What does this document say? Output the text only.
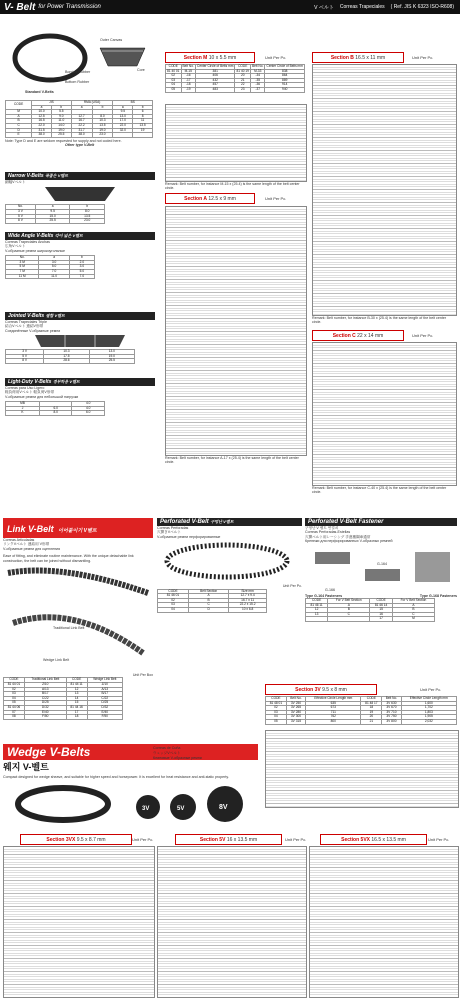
V- Belt for Power Transmission	V ベルト Correas Trapeciales ( Ref. JIS K 6323 ISO-R608)
Outer Canvas
Bonded Rubber
Bottom Rubber
Core
Standard V-Belts
CODE	JIS		RMA (USA)		BS	
	a	b	a	b	a	b
M	10.0	5.5			9.5	6
A	12.5	9.0	12.7	8.0	13.0	8
B	16.5	11.0	16.7	10.3	17.0	11
C	22.0	14.0	22.2	13.5	22.0	13.5
D	31.5	19.0	31.7	19.0	32.0	19
E	38.0	25.5	38.0	23.0		
Note: Type D and E are seldom requested for supply and not coded here.
Other type V-Belt
Narrow V-Belts 폭좁은 V벨트
細幅Vベルト
No.	a	b
3 V	9.5	8.0
5 V	15.0	13.5
8 V	25.5	23.0
Wide Angle V-Belts 각이 넓은 V벨트
Correas Trapeciales Anchas
広角Vベルト
V-образные ремни широкоугольные
No.	a	b
3 M	3.0	2.0
5 M	5.0	3.0
7 M	7.0	5.0
11 M	11.0	7.0
Jointed V-Belts 결합 V벨트
Correas Trapeciales Triple
結合Vベルト 連結V形帯
Соединённые V-образные ремни
3 V	10.3	13.0
5 V	17.5	19.0
8 V	28.6	25.5
Light-Duty V-Belts 경부하용 V벨트
Correas para Uso Ligero
軽負荷用Vベルト 軽負荷V形帯
V-образные ремни для небольшой нагрузки
MB		4.0
J	6.0	4.0
K	8.0	6.0
Section M
10 x 5.5 mm	Unit Per Pc.
CODE	Belt No.	Center Circle of Belts mm	CODE	Belt No.	Center Circle of Belts mm
81 40 01	M-15	381	81 40 19	M-33	838
02	-16	406	20	-34	864
03	-17	432	21	-35	889
04	-18	457	22	-36	914
05	-19	483	23	-37	940
Remark: Belt number, for instance M-15 x (25.4) is the same length of the belt center circle.
Section A
12.5 x 9 mm	Unit Per Pc.
Remark: Belt number, for instance A-17 x (25.4) is the same length of the belt center circle.
Section B
16.5 x 11 mm	Unit Per Pc.
Remark: Belt number, for instance B-30 x (25.4) is the same length of the belt center circle.
Section C
22 x 14 mm	Unit Per Pc.
Remark: Belt number, for instance C-40 x (25.4) is the same length of the belt center circle.
Link V-Belt 이어붙이기 V벨트
Correas Articuladas
リンクVベルト 連結用 V形帯
V-образные ремни для сцепления
Ease of fitting, and eliminate routine maintenance. With the unique detachable link construction, the belt can be joined without dismantling.
Traditional Link Belt
Wedge Link Belt
Unit Per Box
CODE	Traditional Link Belt	CODE	Wedge Link Belt
81 44 01	Z/10	81 44 11	Z/10
02	A/13	12	A/13
03	B/17	13	B/17
04	C/22	14	C/22
05	D/25	15	D/25
81 44 06	D/32	81 44 16	D/32
07	E/40	17	E/40
08	F/50	18	F/50
Perforated V-Belt 구멍난 V벨트
Correas Perforadas
穴開きVベルト
V-образные ремни перфорированные
Unit Per Pc.
CODE	Belt Section	Size mm
81 46 01	A	12.7 x 9.4
02	B	16.7 x 11
03	C	22.2 x 15.2
04	D	10 x 6.8
Perforated V-Belt Fastener
구멍난 V 벨트 연결쇠
Correas Perforadas-Estellas
穴開ベルト用レーシング 手進穂鋼車通常
Крепежи для перфорированных V-образных ремней
G-164
G-166
Type G-164 Fasteners	Type G-168 Fasteners
CODE	For V Belt Section	CODE	For V Belt Section
81 46 11	A	81 46 14	A
12	B	15	B
13	C	16	C
		17	M
Section 3V
9.5 x 8 mm	Unit Per Pc.
CODE	Belt No.	Effective Circle Length mm	CODE	Belt No.	Effective Circle Length mm
81 48 01	3V 250	635	81 48 17	3V 630	1,600
02	3V 265	673	18	3V 670	1,702
03	3V 280	711	19	3V 710	1,803
04	3V 300	762	20	3V 750	1,905
05	3V 315	800	21	3V 800	2,032
Wedge V-Belts
웨지 V-벨트
Correas de Cuña
ウェッジVベルト
Клиновые V-образные ремни
Compact designed for wedge sheave, and suitable for higher speed and horsepower. It is excellent for heat resistance and anti-static property.
3V	5V	8V
Section 3VX
9.5 x 8.7 mm	Unit Per Pc.	Section 5V
16 x 13.5 mm	Unit Per Pc.	Section 5VX
16.5 x 13.5 mm	Unit Per Pc.
